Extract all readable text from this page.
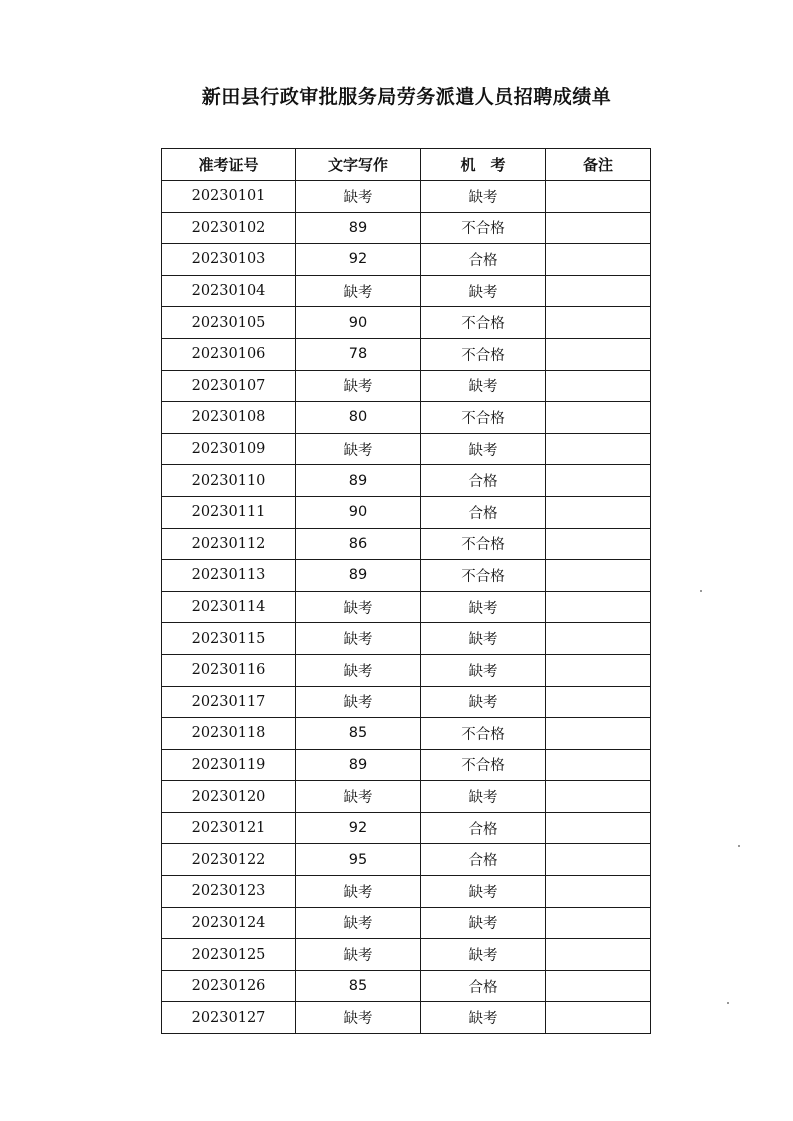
新田县行政审批服务局劳务派遣人员招聘成绩单
准考证号	文字写作	机　考	备注
20230101	缺考	缺考	
20230102	89	不合格	
20230103	92	合格	
20230104	缺考	缺考	
20230105	90	不合格	
20230106	78	不合格	
20230107	缺考	缺考	
20230108	80	不合格	
20230109	缺考	缺考	
20230110	89	合格	
20230111	90	合格	
20230112	86	不合格	
20230113	89	不合格	
20230114	缺考	缺考	
20230115	缺考	缺考	
20230116	缺考	缺考	
20230117	缺考	缺考	
20230118	85	不合格	
20230119	89	不合格	
20230120	缺考	缺考	
20230121	92	合格	
20230122	95	合格	
20230123	缺考	缺考	
20230124	缺考	缺考	
20230125	缺考	缺考	
20230126	85	合格	
20230127	缺考	缺考	
